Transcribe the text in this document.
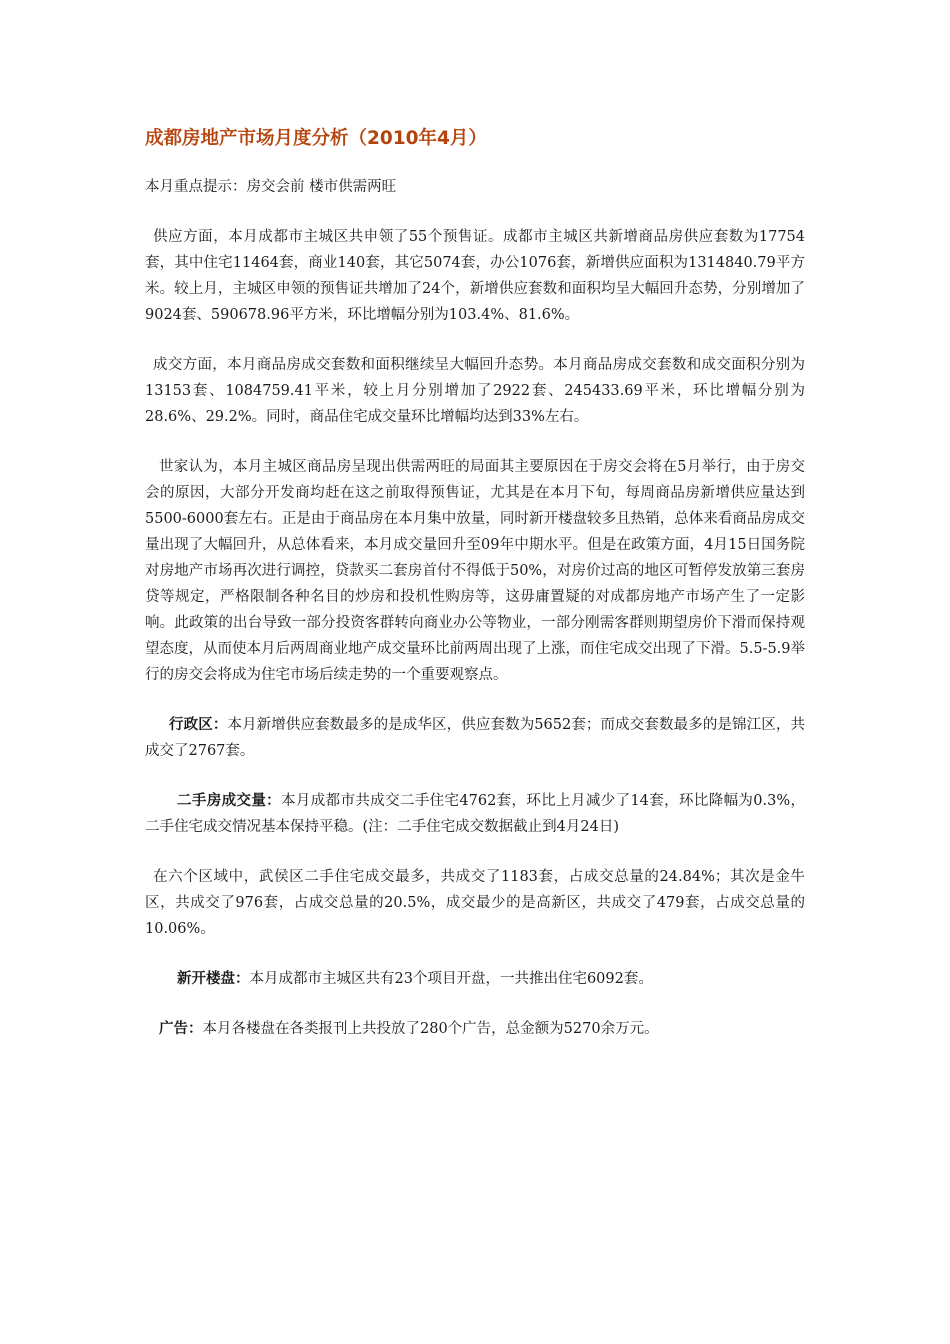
成都房地产市场月度分析（2010年4月）
本月重点提示：房交会前 楼市供需两旺
供应方面，本月成都市主城区共申领了55个预售证。成都市主城区共新增商品房供应套数为17754套，其中住宅11464套，商业140套，其它5074套，办公1076套，新增供应面积为1314840.79平方米。较上月，主城区申领的预售证共增加了24个，新增供应套数和面积均呈大幅回升态势，分别增加了9024套、590678.96平方米，环比增幅分别为103.4%、81.6%。
成交方面，本月商品房成交套数和面积继续呈大幅回升态势。本月商品房成交套数和成交面积分别为13153套、1084759.41平米，较上月分别增加了2922套、245433.69平米，环比增幅分别为28.6%、29.2%。同时，商品住宅成交量环比增幅均达到33%左右。
世家认为，本月主城区商品房呈现出供需两旺的局面其主要原因在于房交会将在5月举行，由于房交会的原因，大部分开发商均赶在这之前取得预售证，尤其是在本月下旬，每周商品房新增供应量达到5500-6000套左右。正是由于商品房在本月集中放量，同时新开楼盘较多且热销，总体来看商品房成交量出现了大幅回升，从总体看来，本月成交量回升至09年中期水平。但是在政策方面，4月15日国务院对房地产市场再次进行调控，贷款买二套房首付不得低于50%，对房价过高的地区可暂停发放第三套房贷等规定，严格限制各种名目的炒房和投机性购房等，这毋庸置疑的对成都房地产市场产生了一定影响。此政策的出台导致一部分投资客群转向商业办公等物业，一部分刚需客群则期望房价下滑而保持观望态度，从而使本月后两周商业地产成交量环比前两周出现了上涨，而住宅成交出现了下滑。5.5-5.9举行的房交会将成为住宅市场后续走势的一个重要观察点。
行政区：本月新增供应套数最多的是成华区，供应套数为5652套；而成交套数最多的是锦江区，共成交了2767套。
二手房成交量：本月成都市共成交二手住宅4762套，环比上月减少了14套，环比降幅为0.3%，二手住宅成交情况基本保持平稳。(注：二手住宅成交数据截止到4月24日)
在六个区域中，武侯区二手住宅成交最多，共成交了1183套，占成交总量的24.84%；其次是金牛区，共成交了976套，占成交总量的20.5%，成交最少的是高新区，共成交了479套，占成交总量的10.06%。
新开楼盘：本月成都市主城区共有23个项目开盘，一共推出住宅6092套。
广告：本月各楼盘在各类报刊上共投放了280个广告，总金额为5270余万元。
